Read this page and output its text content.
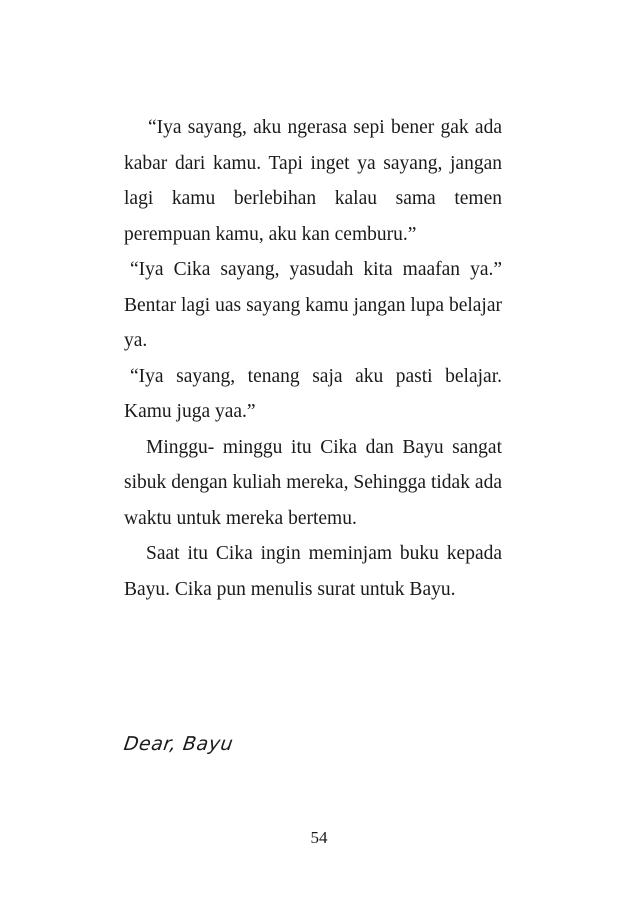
“Iya sayang, aku ngerasa sepi bener gak ada kabar dari kamu. Tapi inget ya sayang, jangan lagi kamu berlebihan kalau sama temen perempuan kamu, aku kan cemburu.”

“Iya Cika sayang, yasudah kita maafan ya.” Bentar lagi uas sayang kamu jangan lupa belajar ya.

“Iya sayang, tenang saja aku pasti belajar. Kamu juga yaa.”

Minggu- minggu itu Cika dan Bayu sangat sibuk dengan kuliah mereka, Sehingga tidak ada waktu untuk mereka bertemu.

Saat itu Cika ingin meminjam buku kepada Bayu. Cika pun menulis surat untuk Bayu.

Dear, Bayu
54
